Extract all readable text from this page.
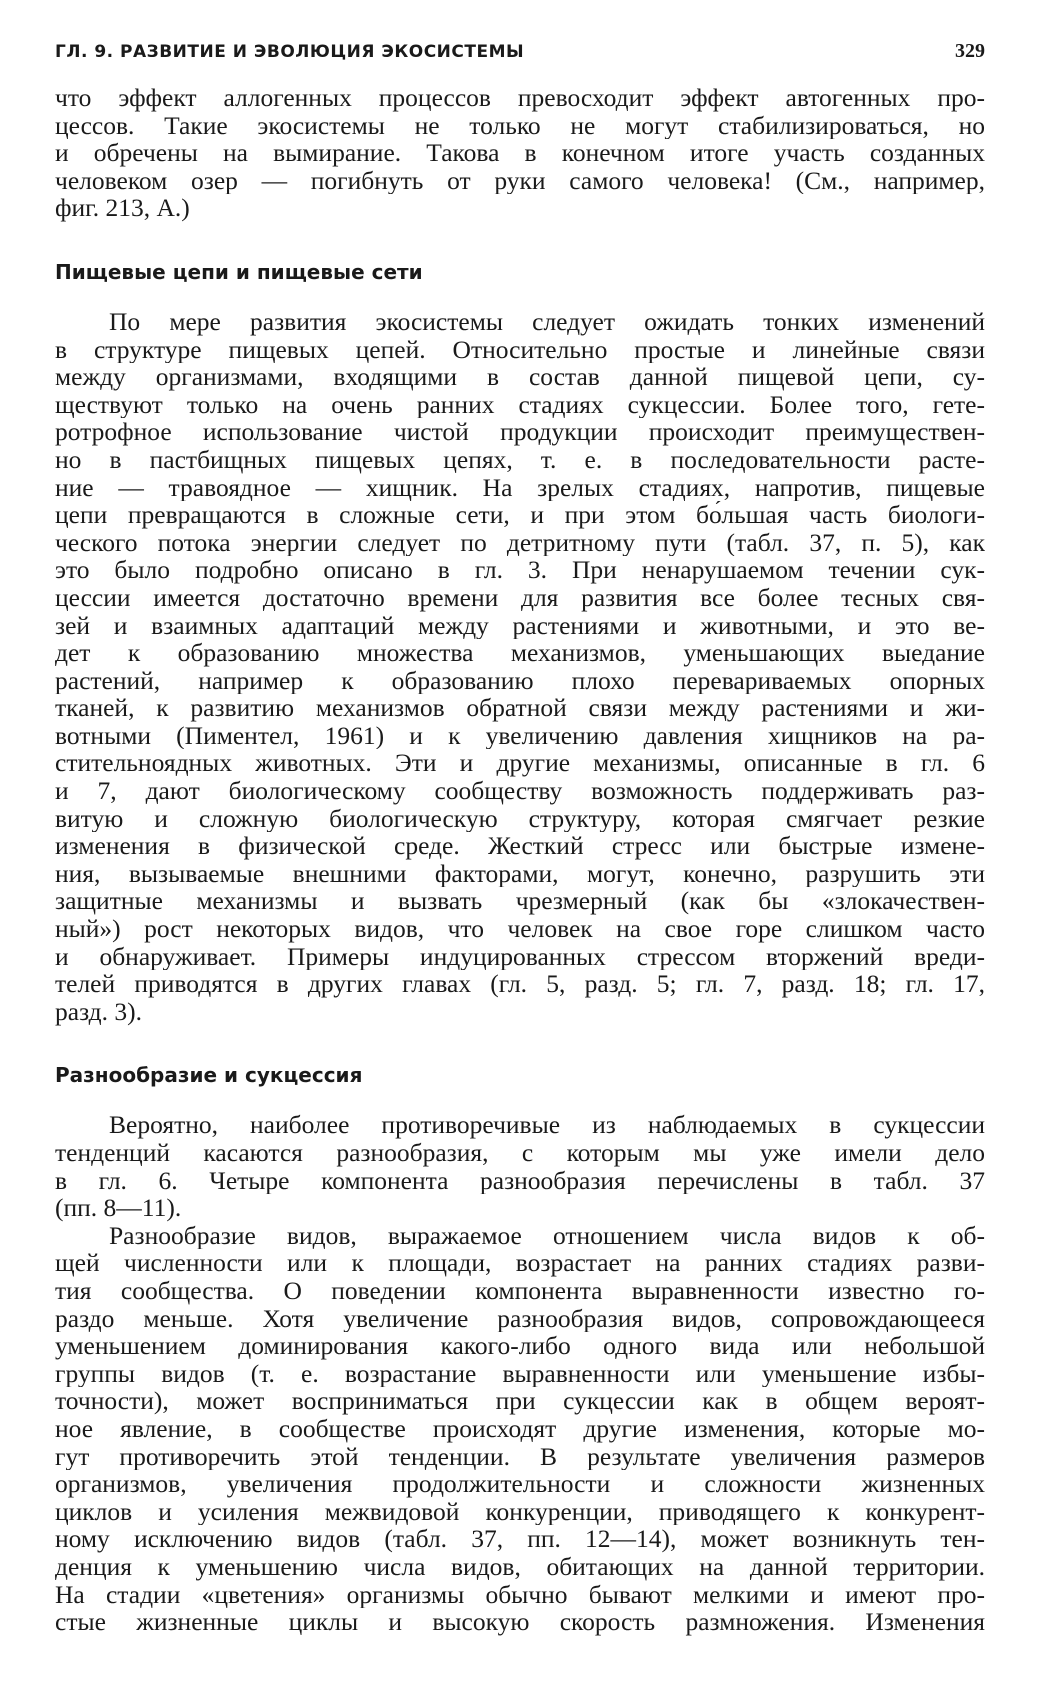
ГЛ. 9. РАЗВИТИЕ И ЭВОЛЮЦИЯ ЭКОСИСТЕМЫ	329
что эффект аллогенных процессов превосходит эффект автогенных про-
цессов. Такие экосистемы не только не могут стабилизироваться, но
и обречены на вымирание. Такова в конечном итоге участь созданных
человеком озер — погибнуть от руки самого человека! (См., например,
фиг. 213, А.)
Пищевые цепи и пищевые сети
По мере развития экосистемы следует ожидать тонких изменений
в структуре пищевых цепей. Относительно простые и линейные связи
между организмами, входящими в состав данной пищевой цепи, су-
ществуют только на очень ранних стадиях сукцессии. Более того, гете-
ротрофное использование чистой продукции происходит преимуществен-
но в пастбищных пищевых цепях, т. е. в последовательности расте-
ние — травоядное — хищник. На зрелых стадиях, напротив, пищевые
цепи превращаются в сложные сети, и при этом бо́льшая часть биологи-
ческого потока энергии следует по детритному пути (табл. 37, п. 5), как
это было подробно описано в гл. 3. При ненарушаемом течении сук-
цессии имеется достаточно времени для развития все более тесных свя-
зей и взаимных адаптаций между растениями и животными, и это ве-
дет к образованию множества механизмов, уменьшающих выедание
растений, например к образованию плохо перевариваемых опорных
тканей, к развитию механизмов обратной связи между растениями и жи-
вотными (Пиментел, 1961) и к увеличению давления хищников на ра-
стительноядных животных. Эти и другие механизмы, описанные в гл. 6
и 7, дают биологическому сообществу возможность поддерживать раз-
витую и сложную биологическую структуру, которая смягчает резкие
изменения в физической среде. Жесткий стресс или быстрые измене-
ния, вызываемые внешними факторами, могут, конечно, разрушить эти
защитные механизмы и вызвать чрезмерный (как бы «злокачествен-
ный») рост некоторых видов, что человек на свое горе слишком часто
и обнаруживает. Примеры индуцированных стрессом вторжений вреди-
телей приводятся в других главах (гл. 5, разд. 5; гл. 7, разд. 18; гл. 17,
разд. 3).
Разнообразие и сукцессия
Вероятно, наиболее противоречивые из наблюдаемых в сукцессии
тенденций касаются разнообразия, с которым мы уже имели дело
в гл. 6. Четыре компонента разнообразия перечислены в табл. 37
(пп. 8—11).
Разнообразие видов, выражаемое отношением числа видов к об-
щей численности или к площади, возрастает на ранних стадиях разви-
тия сообщества. О поведении компонента выравненности известно го-
раздо меньше. Хотя увеличение разнообразия видов, сопровождающееся
уменьшением доминирования какого-либо одного вида или небольшой
группы видов (т. е. возрастание выравненности или уменьшение избы-
точности), может восприниматься при сукцессии как в общем вероят-
ное явление, в сообществе происходят другие изменения, которые мо-
гут противоречить этой тенденции. В результате увеличения размеров
организмов, увеличения продолжительности и сложности жизненных
циклов и усиления межвидовой конкуренции, приводящего к конкурент-
ному исключению видов (табл. 37, пп. 12—14), может возникнуть тен-
денция к уменьшению числа видов, обитающих на данной территории.
На стадии «цветения» организмы обычно бывают мелкими и имеют про-
стые жизненные циклы и высокую скорость размножения. Изменения
